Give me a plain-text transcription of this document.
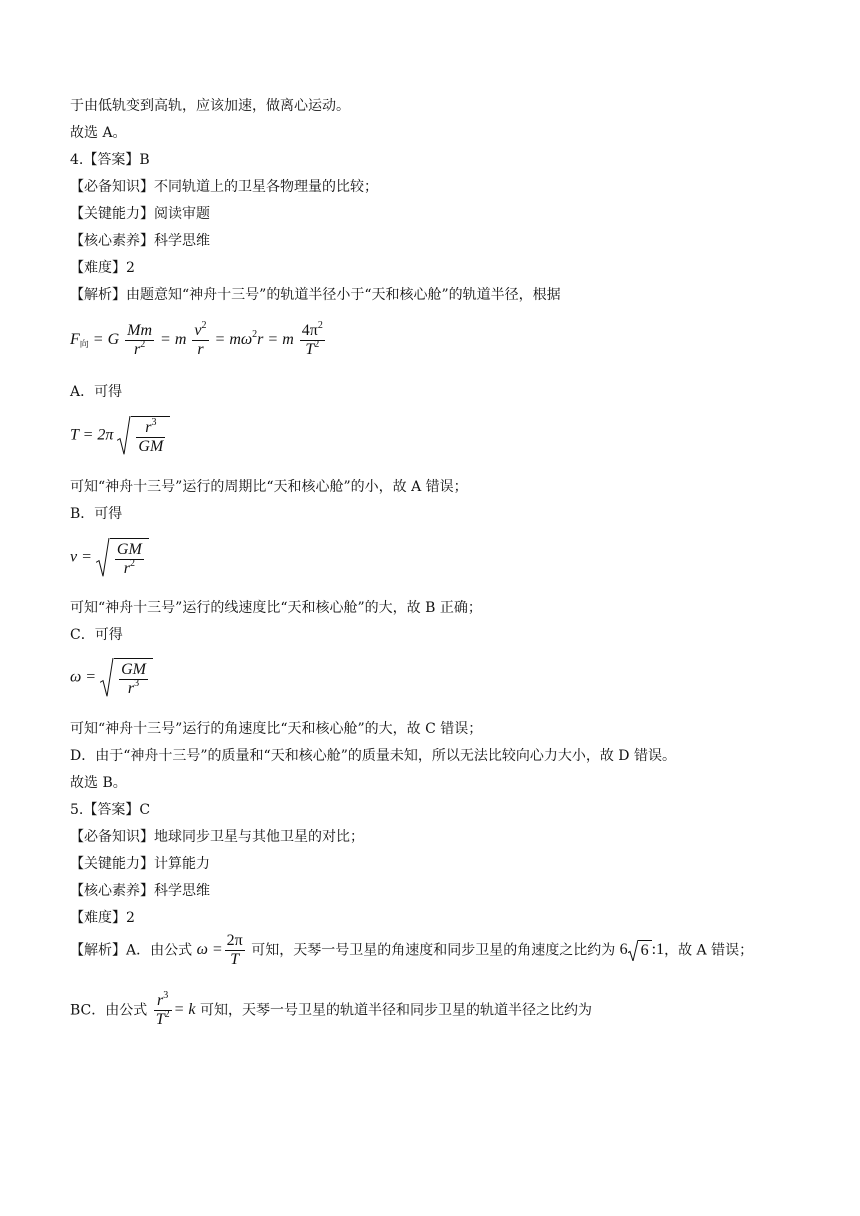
于由低轨变到高轨，应该加速，做离心运动。
故选 A。
4.【答案】B
【必备知识】不同轨道上的卫星各物理量的比较；
【关键能力】阅读审题
【核心素养】科学思维
【难度】2
【解析】由题意知“神舟十三号”的轨道半径小于“天和核心舱”的轨道半径，根据
$F_向 = G \frac{Mm}{r^2} = m \frac{v^2}{r} = m\omega^2r = m \frac{4\pi^2}{T^2}$
A．可得
$T = 2\pi \frac{r^3}{GM}$
可知“神舟十三号”运行的周期比“天和核心舱”的小，故 A 错误；
B．可得
$v = \frac{GM}{r^2}$
可知“神舟十三号”运行的线速度比“天和核心舱”的大，故 B 正确；
C．可得
$\omega = \frac{GM}{r^3}$
可知“神舟十三号”运行的角速度比“天和核心舱”的大，故 C 错误；
D．由于“神舟十三号”的质量和“天和核心舱”的质量未知，所以无法比较向心力大小，故 D 错误。
故选 B。
5.【答案】C
【必备知识】地球同步卫星与其他卫星的对比；
【关键能力】计算能力
【核心素养】科学思维
【难度】2
【解析】A．由公式 $\omega = \frac{2\pi}{T}$ 可知，天琴一号卫星的角速度和同步卫星的角速度之比约为 6 6 :1，故 A 错误；
BC．由公式 $\frac{r^3}{T^2} = k$ 可知，天琴一号卫星的轨道半径和同步卫星的轨道半径之比约为
